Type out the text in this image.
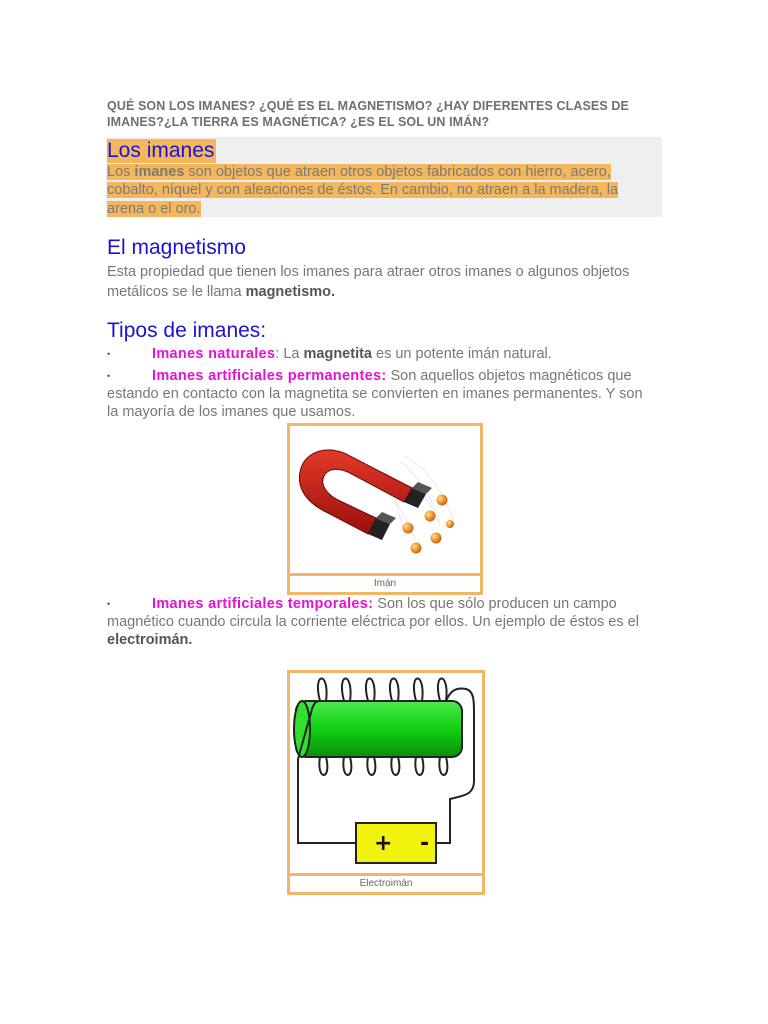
QUÉ SON LOS IMANES? ¿QUÉ ES EL MAGNETISMO? ¿HAY DIFERENTES CLASES DE IMANES?¿LA TIERRA ES MAGNÉTICA? ¿ES EL SOL UN IMÁN?
Los imanes
Los imanes son objetos que atraen otros objetos fabricados con hierro, acero, cobalto, níquel y con aleaciones de éstos. En cambio, no atraen a la madera, la arena o el oro.
El magnetismo
Esta propiedad que tienen los imanes para atraer otros imanes o algunos objetos metálicos se le llama magnetismo.
Tipos de imanes:
•	Imanes naturales: La magnetita es un potente imán natural.
•	Imanes artificiales permanentes: Son aquellos objetos magnéticos que estando en contacto con la magnetita se convierten en imanes permanentes. Y son la mayoría de los imanes que usamos.
Imán
•	Imanes artificiales temporales: Son los que sólo producen un campo magnético cuando circula la corriente eléctrica por ellos. Un ejemplo de éstos es el electroimán.
+ -
Electroimán
